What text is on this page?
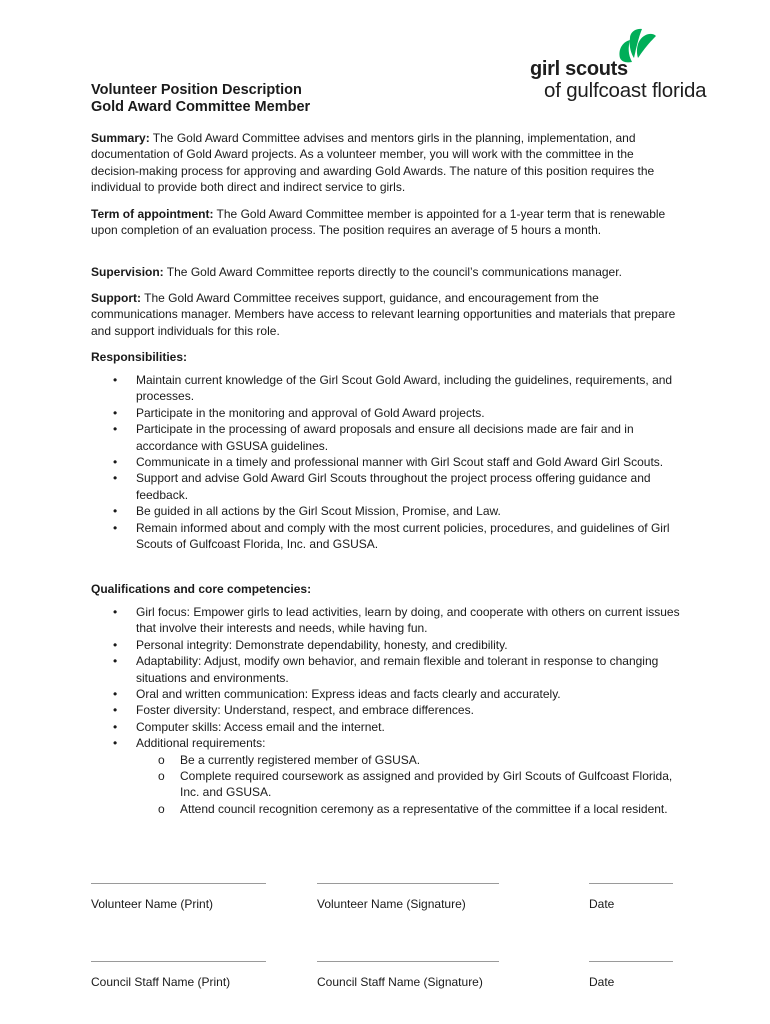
girl scouts
of gulfcoast florida
Volunteer Position Description
Gold Award Committee Member
Summary: The Gold Award Committee advises and mentors girls in the planning, implementation, and documentation of Gold Award projects. As a volunteer member, you will work with the committee in the decision-making process for approving and awarding Gold Awards. The nature of this position requires the individual to provide both direct and indirect service to girls.
Term of appointment: The Gold Award Committee member is appointed for a 1-year term that is renewable upon completion of an evaluation process. The position requires an average of 5 hours a month.
Supervision: The Gold Award Committee reports directly to the council’s communications manager.
Support: The Gold Award Committee receives support, guidance, and encouragement from the communications manager. Members have access to relevant learning opportunities and materials that prepare and support individuals for this role.
Responsibilities:
• Maintain current knowledge of the Girl Scout Gold Award, including the guidelines, requirements, and processes.
• Participate in the monitoring and approval of Gold Award projects.
• Participate in the processing of award proposals and ensure all decisions made are fair and in accordance with GSUSA guidelines.
• Communicate in a timely and professional manner with Girl Scout staff and Gold Award Girl Scouts.
• Support and advise Gold Award Girl Scouts throughout the project process offering guidance and feedback.
• Be guided in all actions by the Girl Scout Mission, Promise, and Law.
• Remain informed about and comply with the most current policies, procedures, and guidelines of Girl Scouts of Gulfcoast Florida, Inc. and GSUSA.
Qualifications and core competencies:
• Girl focus: Empower girls to lead activities, learn by doing, and cooperate with others on current issues that involve their interests and needs, while having fun.
• Personal integrity: Demonstrate dependability, honesty, and credibility.
• Adaptability: Adjust, modify own behavior, and remain flexible and tolerant in response to changing situations and environments.
• Oral and written communication: Express ideas and facts clearly and accurately.
• Foster diversity: Understand, respect, and embrace differences.
• Computer skills: Access email and the internet.
• Additional requirements:
o Be a currently registered member of GSUSA.
o Complete required coursework as assigned and provided by Girl Scouts of Gulfcoast Florida, Inc. and GSUSA.
o Attend council recognition ceremony as a representative of the committee if a local resident.
Volunteer Name (Print)	Volunteer Name (Signature)	Date
Council Staff Name (Print)	Council Staff Name (Signature)	Date
